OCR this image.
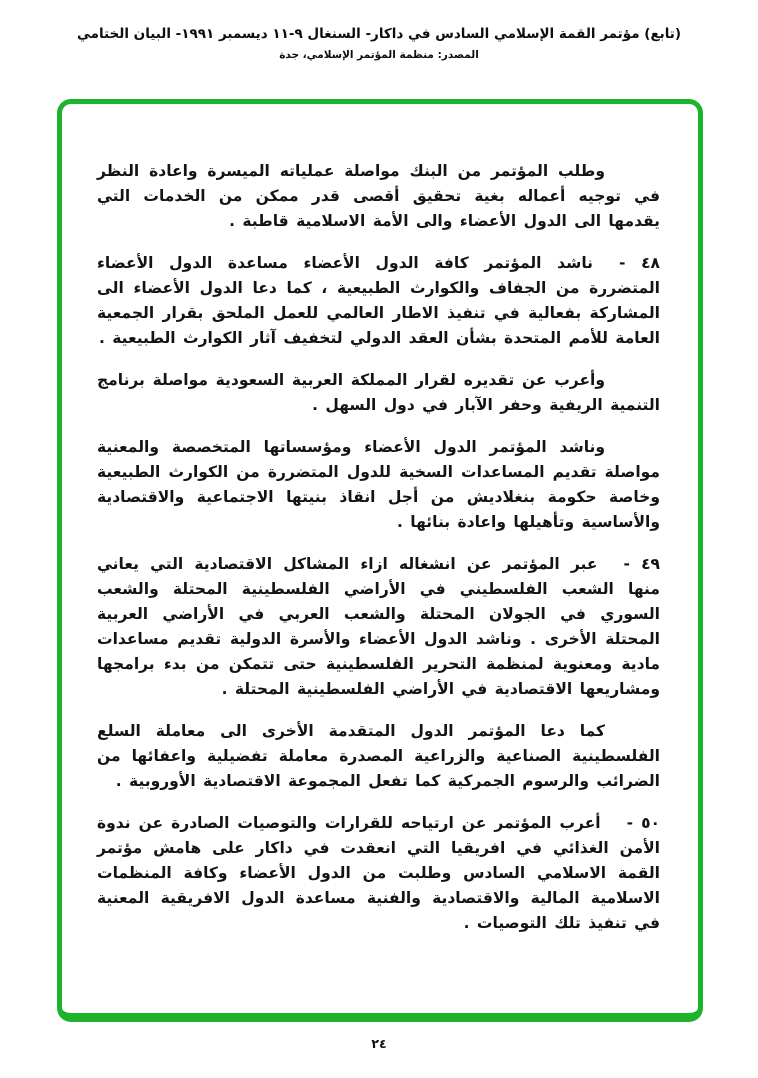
(تابع) مؤتمر القمة الإسلامي السادس في داكار- السنغال ٩-١١ ديسمبر ١٩٩١- البيان الختامي
المصدر: منظمة المؤتمر الإسلامي، جدة

وطلب المؤتمر من البنك مواصلة عملياته الميسرة واعادة النظر في توجيه أعماله بغية تحقيق أقصى قدر ممكن من الخدمات التي يقدمها الى الدول الأعضاء والى الأمة الاسلامية قاطبة .

٤٨ -ناشد المؤتمر كافة الدول الأعضاء مساعدة الدول الأعضاء المتضررة من الجفاف والكوارث الطبيعية ، كما دعا الدول الأعضاء الى المشاركة بفعالية في تنفيذ الاطار العالمي للعمل الملحق بقرار الجمعية العامة للأمم المتحدة بشأن العقد الدولي لتخفيف آثار الكوارث الطبيعية .

وأعرب عن تقديره لقرار المملكة العربية السعودية مواصلة برنامج التنمية الريفية وحفر الآبار في دول السهل .

وناشد المؤتمر الدول الأعضاء ومؤسساتها المتخصصة والمعنية مواصلة تقديم المساعدات السخية للدول المتضررة من الكوارث الطبيعية وخاصة حكومة بنغلاديش من أجل انقاذ بنيتها الاجتماعية والاقتصادية والأساسية وتأهيلها واعادة بنائها .

٤٩ -عبر المؤتمر عن انشغاله ازاء المشاكل الاقتصادية التي يعاني منها الشعب الفلسطيني في الأراضي الفلسطينية المحتلة والشعب السوري في الجولان المحتلة والشعب العربي في الأراضي العربية المحتلة الأخرى . وناشد الدول الأعضاء والأسرة الدولية تقديم مساعدات مادية ومعنوية لمنظمة التحرير الفلسطينية حتى تتمكن من بدء برامجها ومشاريعها الاقتصادية في الأراضي الفلسطينية المحتلة .

كما دعا المؤتمر الدول المتقدمة الأخرى الى معاملة السلع الفلسطينية الصناعية والزراعية المصدرة معاملة تفضيلية واعفائها من الضرائب والرسوم الجمركية كما تفعل المجموعة الاقتصادية الأوروبية .

٥٠ -أعرب المؤتمر عن ارتياحه للقرارات والتوصيات الصادرة عن ندوة الأمن الغذائي في افريقيا التي انعقدت في داكار على هامش مؤتمر القمة الاسلامي السادس وطلبت من الدول الأعضاء وكافة المنظمات الاسلامية المالية والاقتصادية والفنية مساعدة الدول الافريقية المعنية في تنفيذ تلك التوصيات .

٢٤
